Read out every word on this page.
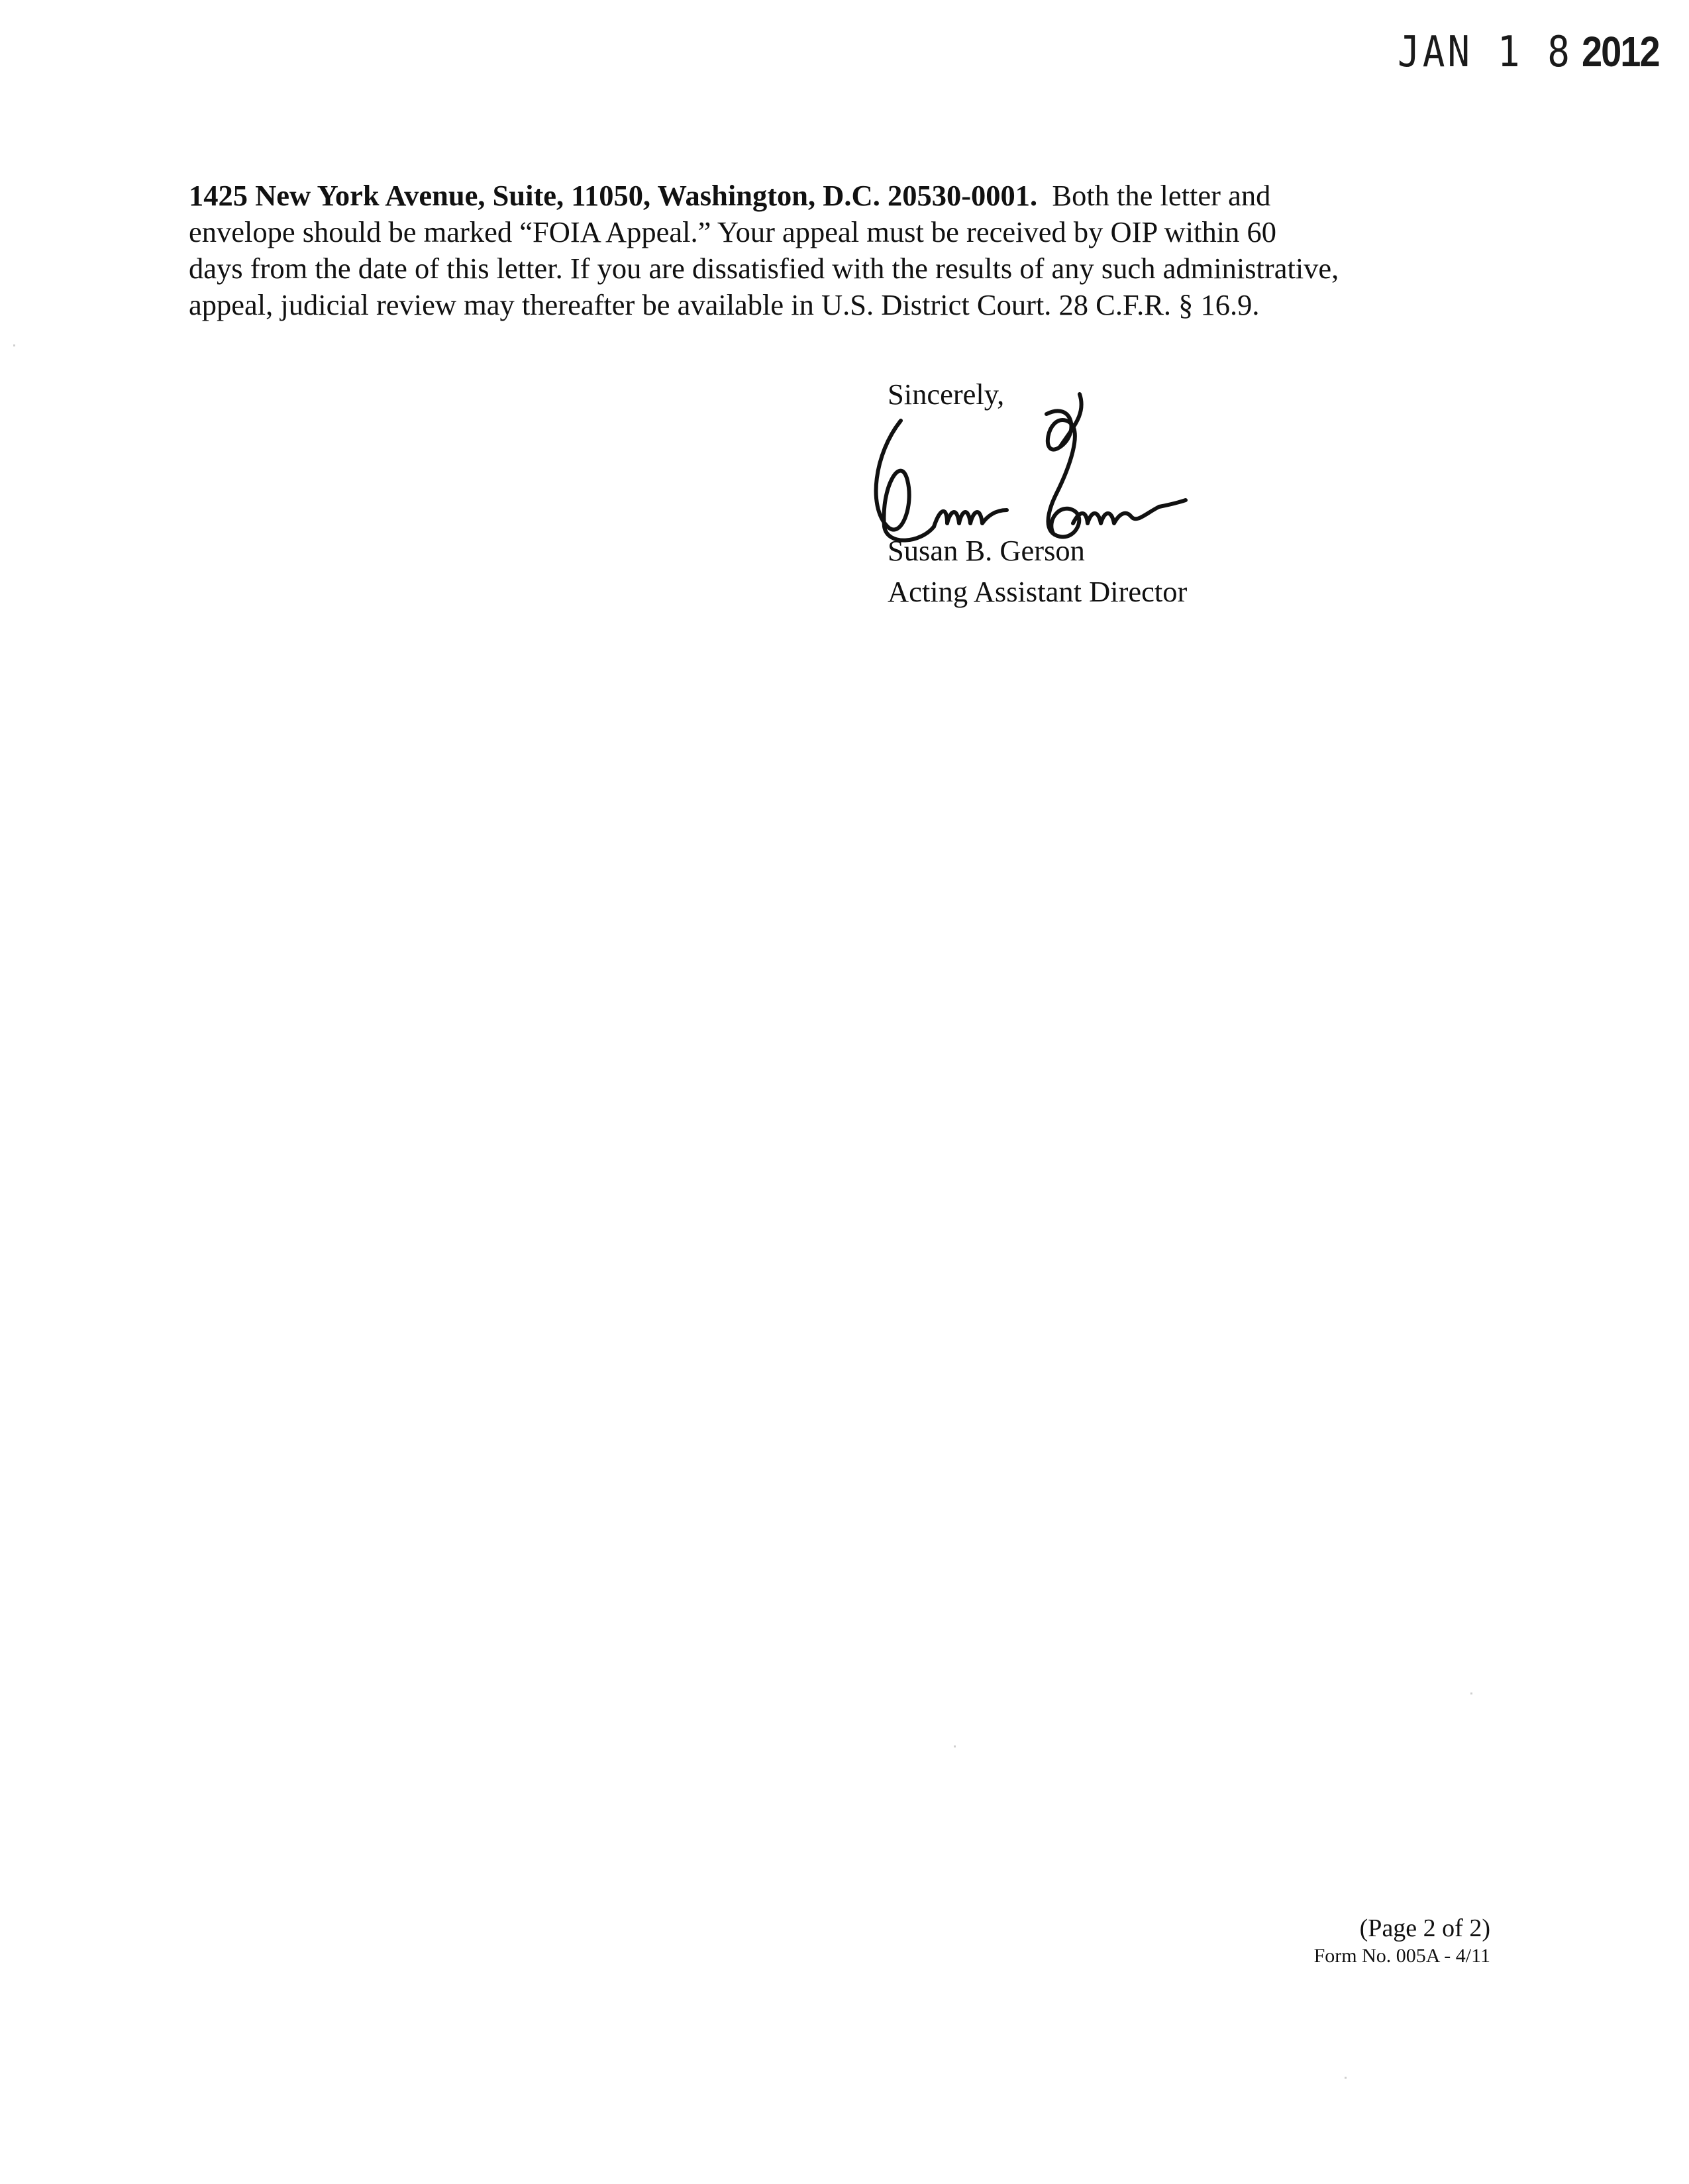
JAN 1 8 2012

1425 New York Avenue, Suite, 11050, Washington, D.C. 20530-0001.  Both the letter and

envelope should be marked “FOIA Appeal.” Your appeal must be received by OIP within 60

days from the date of this letter. If you are dissatisfied with the results of any such administrative,

appeal, judicial review may thereafter be available in U.S. District Court. 28 C.F.R. § 16.9.

Sincerely,
Susan B. Gerson
Acting Assistant Director
(Page 2 of 2)
Form No. 005A - 4/11
